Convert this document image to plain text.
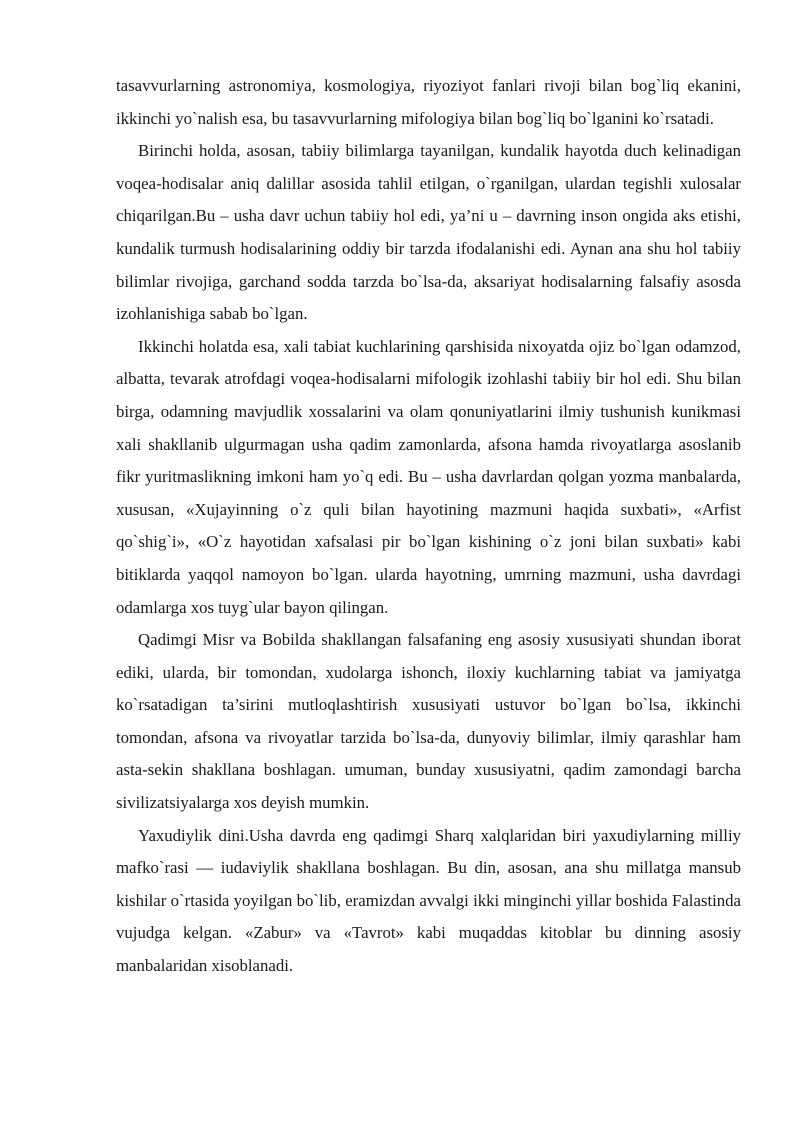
tasavvurlarning astronomiya, kosmologiya, riyoziyot fanlari rivoji bilan bog`liq ekanini, ikkinchi yo`nalish esa, bu tasavvurlarning mifologiya bilan bog`liq bo`lganini ko`rsatadi.

Birinchi holda, asosan, tabiiy bilimlarga tayanilgan, kundalik hayotda duch kelinadigan voqea-hodisalar aniq dalillar asosida tahlil etilgan, o`rganilgan, ulardan tegishli xulosalar chiqarilgan.Bu – usha davr uchun tabiiy hol edi, ya’ni u – davrning inson ongida aks etishi, kundalik turmush hodisalarining oddiy bir tarzda ifodalanishi edi. Aynan ana shu hol tabiiy bilimlar rivojiga, garchand sodda tarzda bo`lsa-da, aksariyat hodisalarning falsafiy asosda izohlanishiga sabab bo`lgan.

Ikkinchi holatda esa, xali tabiat kuchlarining qarshisida nixoyatda ojiz bo`lgan odamzod, albatta, tevarak atrofdagi voqea-hodisalarni mifologik izohlashi tabiiy bir hol edi. Shu bilan birga, odamning mavjudlik xossalarini va olam qonuniyatlarini ilmiy tushunish kunikmasi xali shakllanib ulgurmagan usha qadim zamonlarda, afsona hamda rivoyatlarga asoslanib fikr yuritmaslikning imkoni ham yo`q edi. Bu – usha davrlardan qolgan yozma manbalarda, xususan, «Xujayinning o`z quli bilan hayotining mazmuni haqida suxbati», «Arfist qo`shig`i», «O`z hayotidan xafsalasi pir bo`lgan kishining o`z joni bilan suxbati» kabi bitiklarda yaqqol namoyon bo`lgan. ularda hayotning, umrning mazmuni, usha davrdagi odamlarga xos tuyg`ular bayon qilingan.

Qadimgi Misr va Bobilda shakllangan falsafaning eng asosiy xususiyati shundan iborat ediki, ularda, bir tomondan, xudolarga ishonch, iloxiy kuchlarning tabiat va jamiyatga ko`rsatadigan ta’sirini mutloqlashtirish xususiyati ustuvor bo`lgan bo`lsa, ikkinchi tomondan, afsona va rivoyatlar tarzida bo`lsa-da, dunyoviy bilimlar, ilmiy qarashlar ham asta-sekin shakllana boshlagan. umuman, bunday xususiyatni, qadim zamondagi barcha sivilizatsiyalarga xos deyish mumkin.

Yaxudiylik dini.Usha davrda eng qadimgi Sharq xalqlaridan biri yaxudiylarning milliy mafko`rasi — iudaviylik shakllana boshlagan. Bu din, asosan, ana shu millatga mansub kishilar o`rtasida yoyilgan bo`lib, eramizdan avvalgi ikki minginchi yillar boshida Falastinda vujudga kelgan. «Zabur» va «Tavrot» kabi muqaddas kitoblar bu dinning asosiy manbalaridan xisoblanadi.
